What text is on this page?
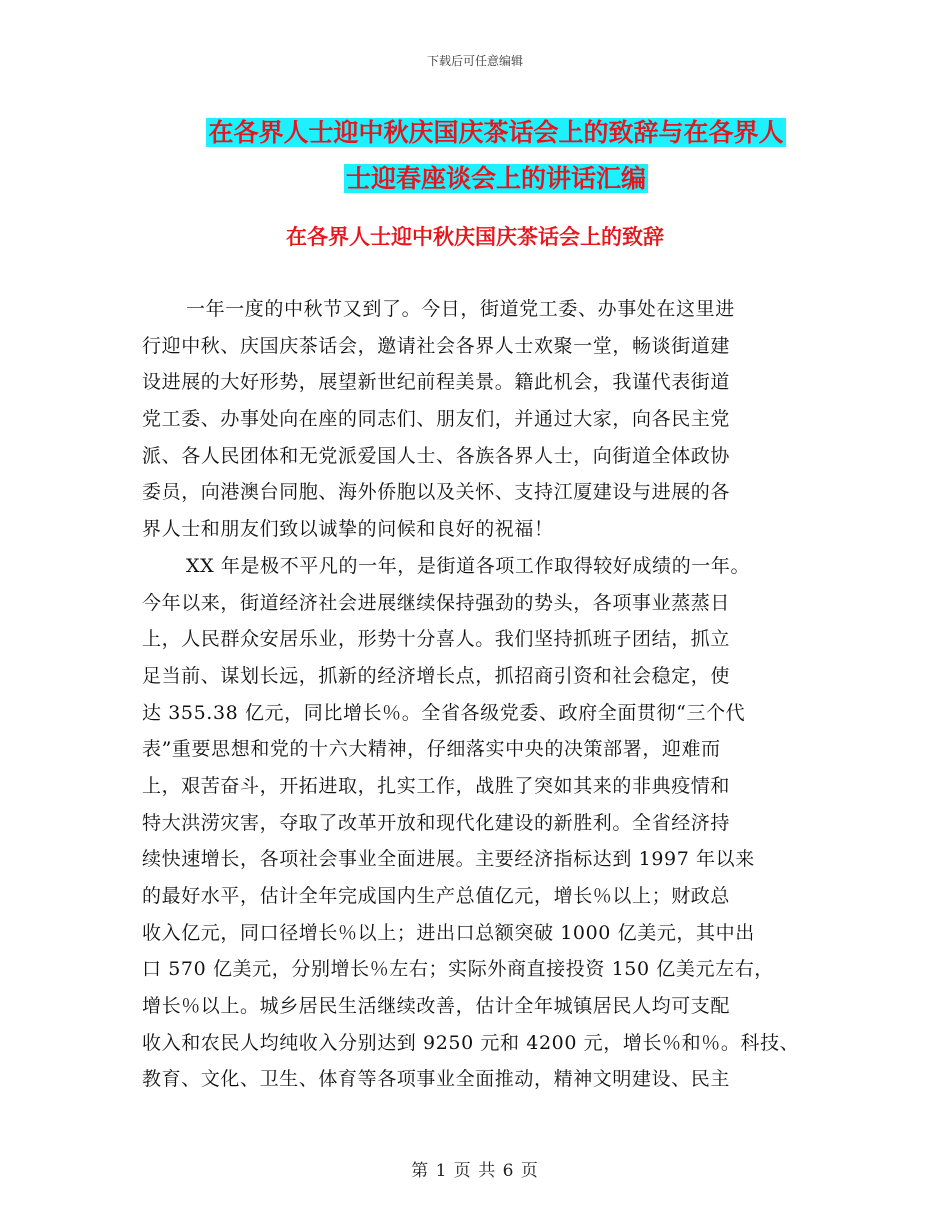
下载后可任意编辑
在各界人士迎中秋庆国庆茶话会上的致辞与在各界人
士迎春座谈会上的讲话汇编
在各界人士迎中秋庆国庆茶话会上的致辞
一年一度的中秋节又到了。今日，街道党工委、办事处在这里进
行迎中秋、庆国庆茶话会，邀请社会各界人士欢聚一堂，畅谈街道建
设进展的大好形势，展望新世纪前程美景。籍此机会，我谨代表街道
党工委、办事处向在座的同志们、朋友们，并通过大家，向各民主党
派、各人民团体和无党派爱国人士、各族各界人士，向街道全体政协
委员，向港澳台同胞、海外侨胞以及关怀、支持江厦建设与进展的各
界人士和朋友们致以诚挚的问候和良好的祝福！
XX 年是极不平凡的一年，是街道各项工作取得较好成绩的一年。
今年以来，街道经济社会进展继续保持强劲的势头，各项事业蒸蒸日
上，人民群众安居乐业，形势十分喜人。我们坚持抓班子团结，抓立
足当前、谋划长远，抓新的经济增长点，抓招商引资和社会稳定，使
达 355.38 亿元，同比增长％。全省各级党委、政府全面贯彻“三个代
表”重要思想和党的十六大精神，仔细落实中央的决策部署，迎难而
上，艰苦奋斗，开拓进取，扎实工作，战胜了突如其来的非典疫情和
特大洪涝灾害，夺取了改革开放和现代化建设的新胜利。全省经济持
续快速增长，各项社会事业全面进展。主要经济指标达到 1997 年以来
的最好水平，估计全年完成国内生产总值亿元，增长％以上；财政总
收入亿元，同口径增长％以上；进出口总额突破 1000 亿美元，其中出
口 570 亿美元，分别增长％左右；实际外商直接投资 150 亿美元左右，
增长％以上。城乡居民生活继续改善，估计全年城镇居民人均可支配
收入和农民人均纯收入分别达到 9250 元和 4200 元，增长％和％。科技、
教育、文化、卫生、体育等各项事业全面推动，精神文明建设、民主
第 1 页 共 6 页
